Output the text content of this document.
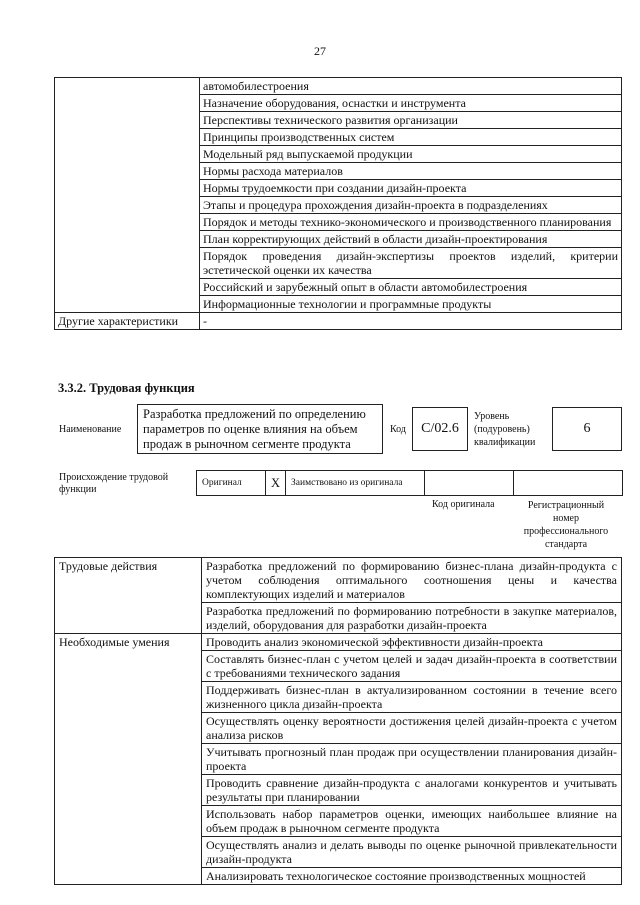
27
	автомобилестроения
	Назначение оборудования, оснастки и инструмента
	Перспективы технического развития организации
	Принципы производственных систем
	Модельный ряд выпускаемой продукции
	Нормы расхода материалов
	Нормы трудоемкости при создании дизайн-проекта
	Этапы и процедура прохождения дизайн-проекта в подразделениях
	Порядок и методы технико-экономического и производственного планирования
	План корректирующих действий в области дизайн-проектирования
	Порядок проведения дизайн-экспертизы проектов изделий, критерии эстетической оценки их качества
	Российский и зарубежный опыт в области автомобилестроения
	Информационные технологии и программные продукты
Другие характеристики	-
3.3.2. Трудовая функция
Наименование
Разработка предложений по определению параметров по оценке влияния на объем продаж в рыночном сегменте продукта
Код	C/02.6
Уровень
(подуровень)
квалификации
6
Происхождение трудовой
функции
Оригинал	X	Заимствовано из оригинала		
Код оригинала	Регистрационный
номер
профессионального
стандарта
Трудовые действия	Разработка предложений по формированию бизнес-плана дизайн-продукта с учетом соблюдения оптимального соотношения цены и качества комплектующих изделий и материалов
	Разработка предложений по формированию потребности в закупке материалов, изделий, оборудования для разработки дизайн-проекта
Необходимые умения	Проводить анализ экономической эффективности дизайн-проекта
	Составлять бизнес-план с учетом целей и задач дизайн-проекта в соответствии с требованиями технического задания
	Поддерживать бизнес-план в актуализированном состоянии в течение всего жизненного цикла дизайн-проекта
	Осуществлять оценку вероятности достижения целей дизайн-проекта с учетом анализа рисков
	Учитывать прогнозный план продаж при осуществлении планирования дизайн-проекта
	Проводить сравнение дизайн-продукта с аналогами конкурентов и учитывать результаты при планировании
	Использовать набор параметров оценки, имеющих наибольшее влияние на объем продаж в рыночном сегменте продукта
	Осуществлять анализ и делать выводы по оценке рыночной привлекательности дизайн-продукта
	Анализировать технологическое состояние производственных мощностей
